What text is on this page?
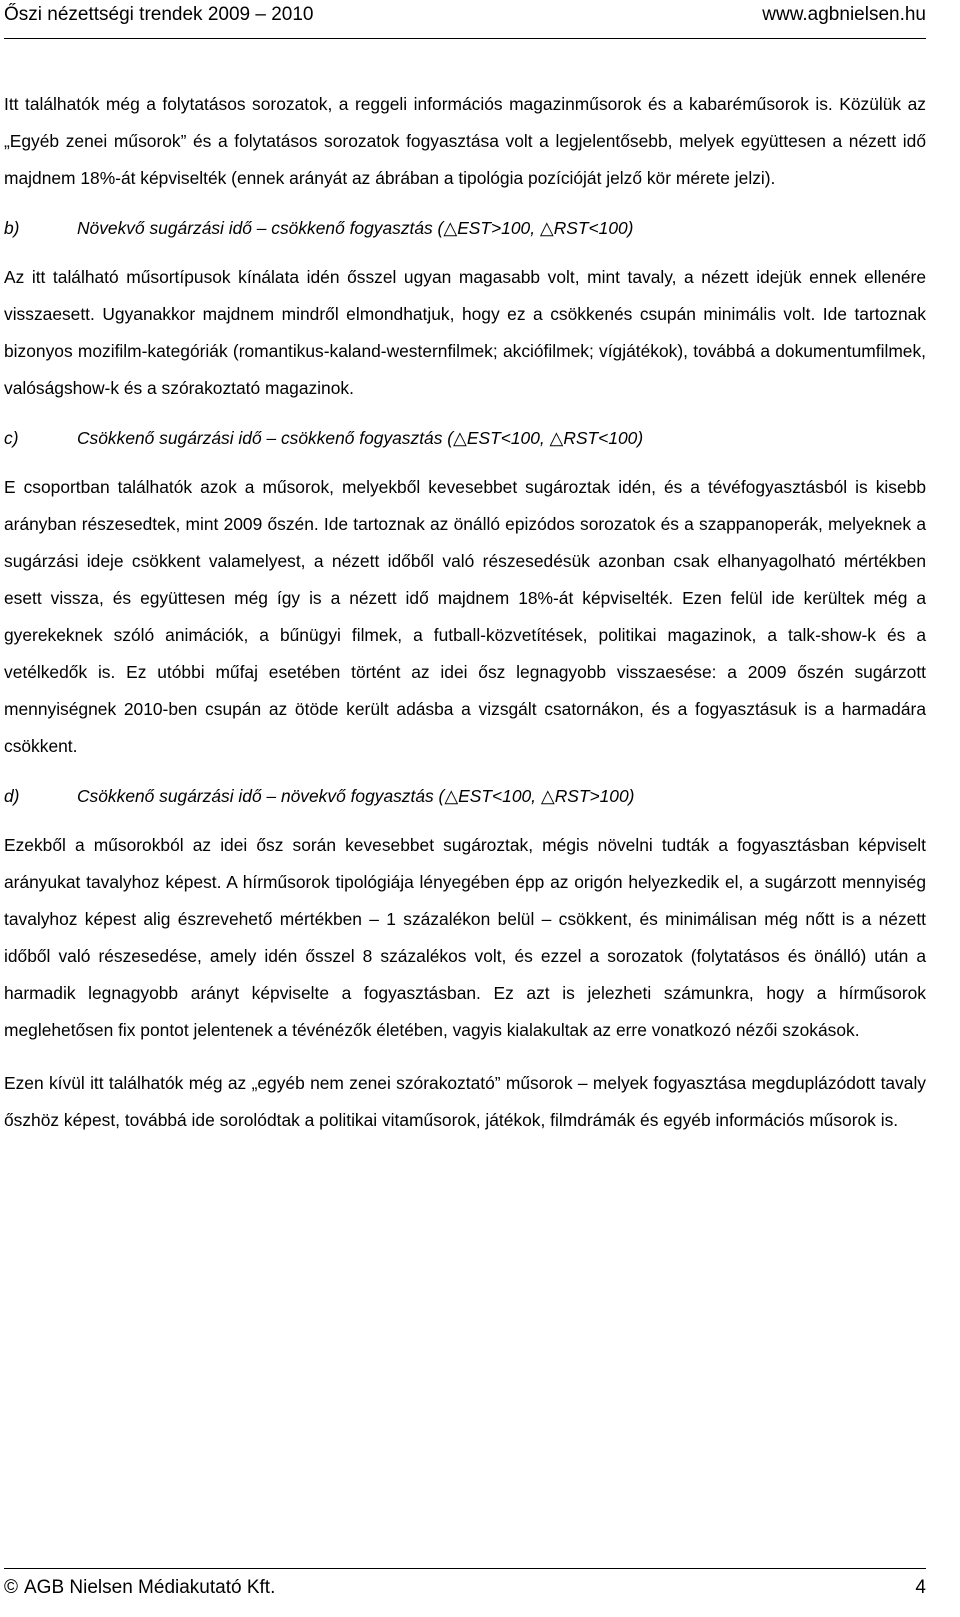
Őszi nézettségi trendek 2009 – 2010	www.agbnielsen.hu

Itt találhatók még a folytatásos sorozatok, a reggeli információs magazinműsorok és a kabaréműsorok is. Közülük az „Egyéb zenei műsorok” és a folytatásos sorozatok fogyasztása volt a legjelentősebb, melyek együttesen a nézett idő majdnem 18%-át képviselték (ennek arányát az ábrában a tipológia pozícióját jelző kör mérete jelzi).

b)	Növekvő sugárzási idő – csökkenő fogyasztás (△EST>100, △RST<100)

Az itt található műsortípusok kínálata idén ősszel ugyan magasabb volt, mint tavaly, a nézett idejük ennek ellenére visszaesett. Ugyanakkor majdnem mindről elmondhatjuk, hogy ez a csökkenés csupán minimális volt. Ide tartoznak bizonyos mozifilm-kategóriák (romantikus-kaland-westernfilmek; akciófilmek; vígjátékok), továbbá a dokumentumfilmek, valóságshow-k és a szórakoztató magazinok.

c)	Csökkenő sugárzási idő – csökkenő fogyasztás (△EST<100, △RST<100)

E csoportban találhatók azok a műsorok, melyekből kevesebbet sugároztak idén, és a tévéfogyasztásból is kisebb arányban részesedtek, mint 2009 őszén. Ide tartoznak az önálló epizódos sorozatok és a szappanoperák, melyeknek a sugárzási ideje csökkent valamelyest, a nézett időből való részesedésük azonban csak elhanyagolható mértékben esett vissza, és együttesen még így is a nézett idő majdnem 18%-át képviselték. Ezen felül ide kerültek még a gyerekeknek szóló animációk, a bűnügyi filmek, a futball-közvetítések, politikai magazinok, a talk-show-k és a vetélkedők is. Ez utóbbi műfaj esetében történt az idei ősz legnagyobb visszaesése: a 2009 őszén sugárzott mennyiségnek 2010-ben csupán az ötöde került adásba a vizsgált csatornákon, és a fogyasztásuk is a harmadára csökkent.

d)	Csökkenő sugárzási idő – növekvő fogyasztás (△EST<100, △RST>100)

Ezekből a műsorokból az idei ősz során kevesebbet sugároztak, mégis növelni tudták a fogyasztásban képviselt arányukat tavalyhoz képest. A hírműsorok tipológiája lényegében épp az origón helyezkedik el, a sugárzott mennyiség tavalyhoz képest alig észrevehető mértékben – 1 százalékon belül – csökkent, és minimálisan még nőtt is a nézett időből való részesedése, amely idén ősszel 8 százalékos volt, és ezzel a sorozatok (folytatásos és önálló) után a harmadik legnagyobb arányt képviselte a fogyasztásban. Ez azt is jelezheti számunkra, hogy a hírműsorok meglehetősen fix pontot jelentenek a tévénézők életében, vagyis kialakultak az erre vonatkozó nézői szokások.

Ezen kívül itt találhatók még az „egyéb nem zenei szórakoztató” műsorok – melyek fogyasztása megduplázódott tavaly őszhöz képest, továbbá ide sorolódtak a politikai vitaműsorok, játékok, filmdrámák és egyéb információs műsorok is.

© AGB Nielsen Médiakutató Kft.	4
